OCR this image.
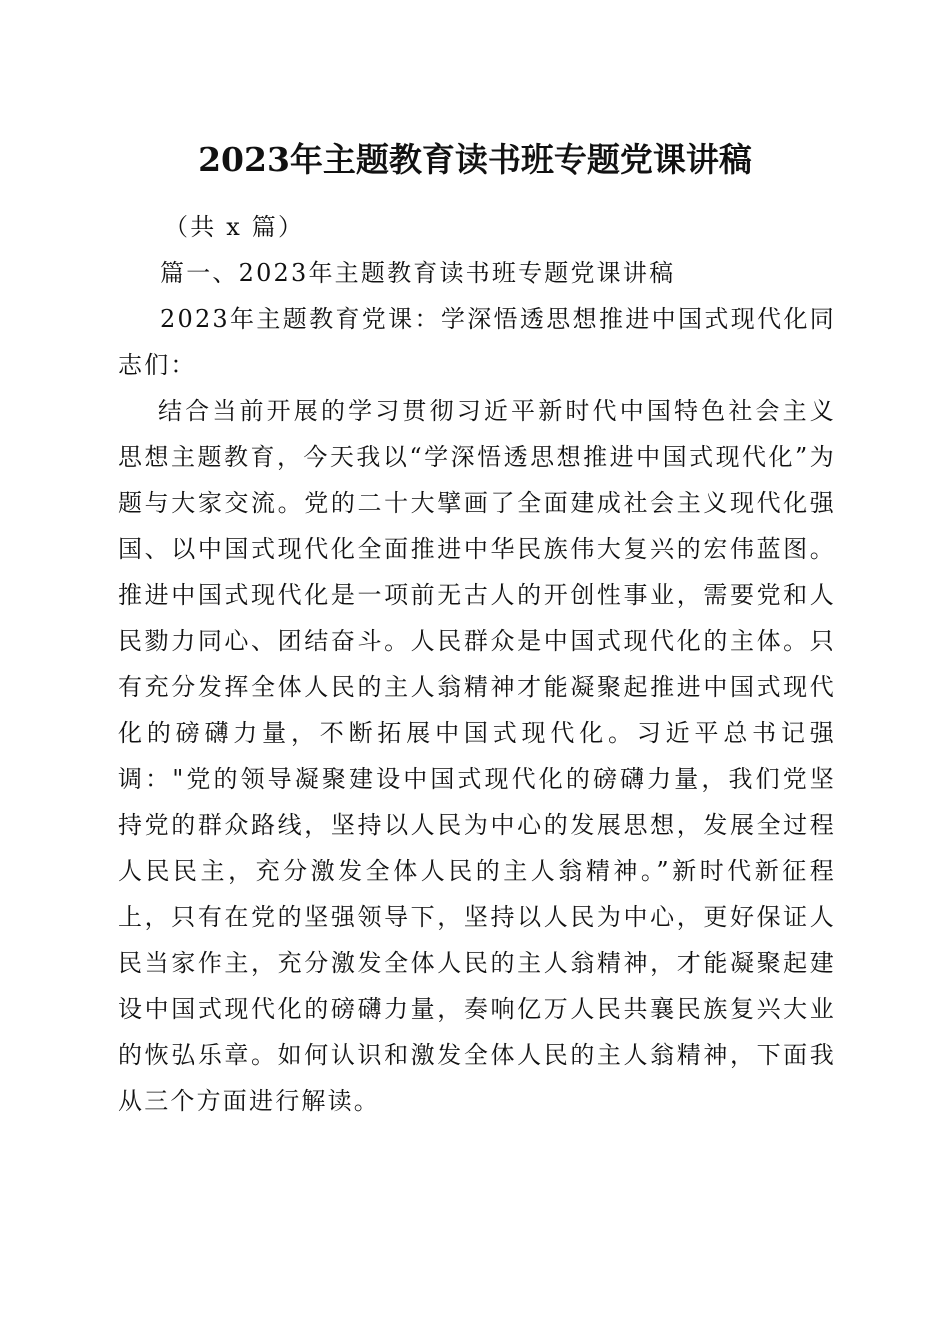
2023年主题教育读书班专题党课讲稿

（共 x 篇）

篇一、2023年主题教育读书班专题党课讲稿

2023年主题教育党课：学深悟透思想推进中国式现代化同志们：

结合当前开展的学习贯彻习近平新时代中国特色社会主义思想主题教育，今天我以“学深悟透思想推进中国式现代化”为题与大家交流。党的二十大擘画了全面建成社会主义现代化强国、以中国式现代化全面推进中华民族伟大复兴的宏伟蓝图。推进中国式现代化是一项前无古人的开创性事业，需要党和人民勠力同心、团结奋斗。人民群众是中国式现代化的主体。只有充分发挥全体人民的主人翁精神才能凝聚起推进中国式现代化的磅礴力量，不断拓展中国式现代化。习近平总书记强调："党的领导凝聚建设中国式现代化的磅礴力量，我们党坚持党的群众路线，坚持以人民为中心的发展思想，发展全过程人民民主，充分激发全体人民的主人翁精神。”新时代新征程上，只有在党的坚强领导下，坚持以人民为中心，更好保证人民当家作主，充分激发全体人民的主人翁精神，才能凝聚起建设中国式现代化的磅礴力量，奏响亿万人民共襄民族复兴大业的恢弘乐章。如何认识和激发全体人民的主人翁精神，下面我从三个方面进行解读。
